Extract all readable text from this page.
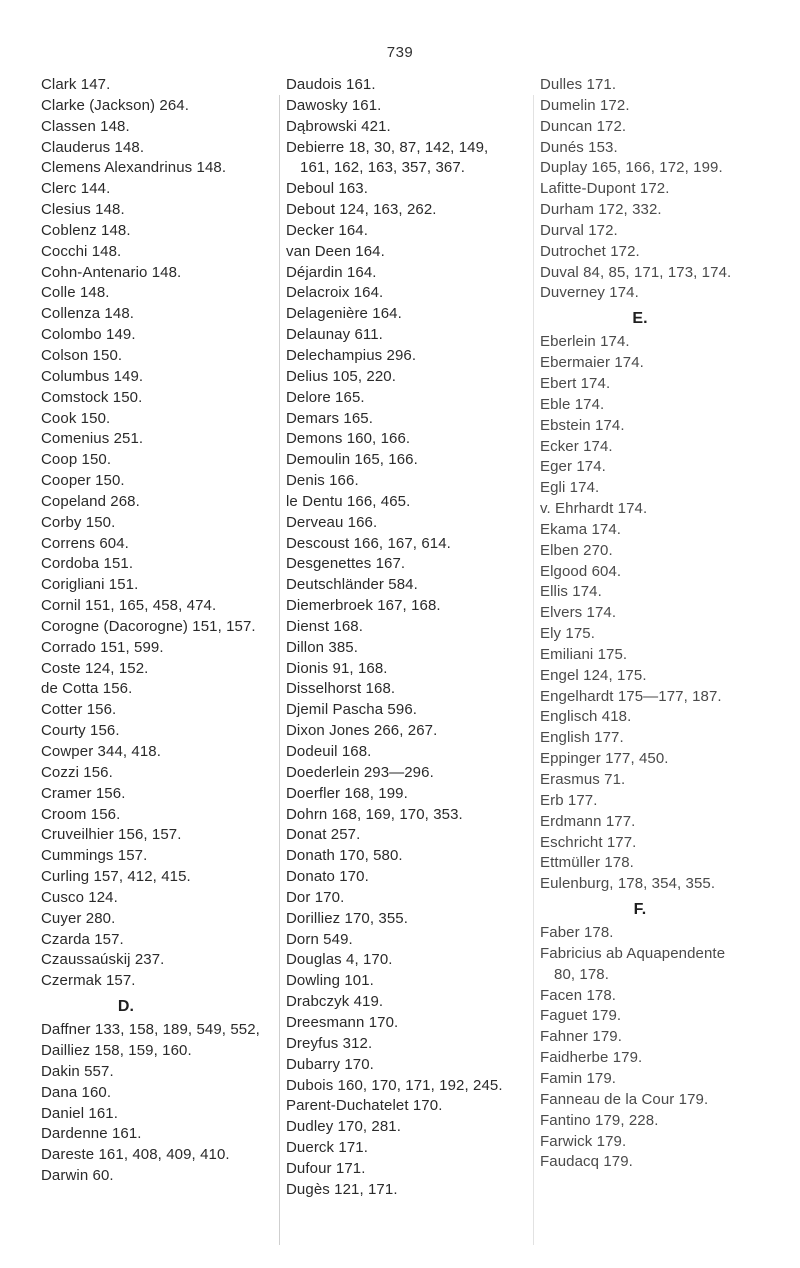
739
Clark 147.
Clarke (Jackson) 264.
Classen 148.
Clauderus 148.
Clemens Alexandrinus 148.
Clerc 144.
Clesius 148.
Coblenz 148.
Cocchi 148.
Cohn-Antenario 148.
Colle 148.
Collenza 148.
Colombo 149.
Colson 150.
Columbus 149.
Comstock 150.
Cook 150.
Comenius 251.
Coop 150.
Cooper 150.
Copeland 268.
Corby 150.
Correns 604.
Cordoba 151.
Corigliani 151.
Cornil 151, 165, 458, 474.
Corogne (Dacorogne) 151, 157.
Corrado 151, 599.
Coste 124, 152.
de Cotta 156.
Cotter 156.
Courty 156.
Cowper 344, 418.
Cozzi 156.
Cramer 156.
Croom 156.
Cruveilhier 156, 157.
Cummings 157.
Curling 157, 412, 415.
Cusco 124.
Cuyer 280.
Czarda 157.
Czaussaúskij 237.
Czermak 157.
D.
Daffner 133, 158, 189, 549, 552,
Dailliez 158, 159, 160.
Dakin 557.
Dana 160.
Daniel 161.
Dardenne 161.
Dareste 161, 408, 409, 410.
Darwin 60.
Daudois 161.
Dawosky 161.
Dąbrowski 421.
Debierre 18, 30, 87, 142, 149,
161, 162, 163, 357, 367.
Deboul 163.
Debout 124, 163, 262.
Decker 164.
van Deen 164.
Déjardin 164.
Delacroix 164.
Delagenière 164.
Delaunay 611.
Delechampius 296.
Delius 105, 220.
Delore 165.
Demars 165.
Demons 160, 166.
Demoulin 165, 166.
Denis 166.
le Dentu 166, 465.
Derveau 166.
Descoust 166, 167, 614.
Desgenettes 167.
Deutschländer 584.
Diemerbroek 167, 168.
Dienst 168.
Dillon 385.
Dionis 91, 168.
Disselhorst 168.
Djemil Pascha 596.
Dixon Jones 266, 267.
Dodeuil 168.
Doederlein 293—296.
Doerfler 168, 199.
Dohrn 168, 169, 170, 353.
Donat 257.
Donath 170, 580.
Donato 170.
Dor 170.
Dorilliez 170, 355.
Dorn 549.
Douglas 4, 170.
Dowling 101.
Drabczyk 419.
Dreesmann 170.
Dreyfus 312.
Dubarry 170.
Dubois 160, 170, 171, 192, 245.
Parent-Duchatelet 170.
Dudley 170, 281.
Duerck 171.
Dufour 171.
Dugès 121, 171.
Dulles 171.
Dumelin 172.
Duncan 172.
Dunés 153.
Duplay 165, 166, 172, 199.
Lafitte-Dupont 172.
Durham 172, 332.
Durval 172.
Dutrochet 172.
Duval 84, 85, 171, 173, 174.
Duverney 174.
E.
Eberlein 174.
Ebermaier 174.
Ebert 174.
Eble 174.
Ebstein 174.
Ecker 174.
Eger 174.
Egli 174.
v. Ehrhardt 174.
Ekama 174.
Elben 270.
Elgood 604.
Ellis 174.
Elvers 174.
Ely 175.
Emiliani 175.
Engel 124, 175.
Engelhardt 175—177, 187.
Englisch 418.
English 177.
Eppinger 177, 450.
Erasmus 71.
Erb 177.
Erdmann 177.
Eschricht 177.
Ettmüller 178.
Eulenburg, 178, 354, 355.
F.
Faber 178.
Fabricius ab Aquapendente
80, 178.
Facen 178.
Faguet 179.
Fahner 179.
Faidherbe 179.
Famin 179.
Fanneau de la Cour 179.
Fantino 179, 228.
Farwick 179.
Faudacq 179.
